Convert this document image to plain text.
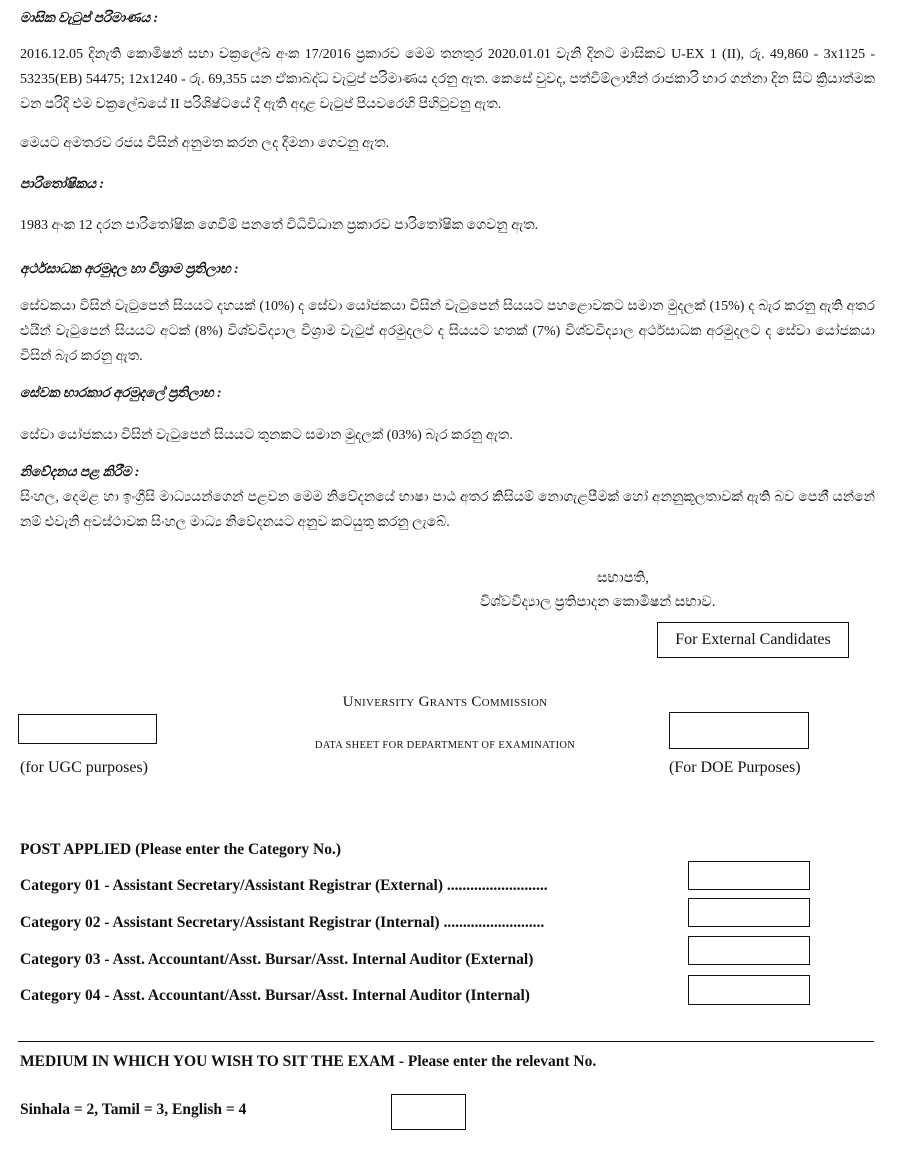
මාසික වැටුප් පරිමාණය :
2016.12.05 දිනැති කොමිෂන් සභා චක්‍රලේඛ අංක 17/2016 ප්‍රකාරව මෙම තනතුර 2020.01.01 වැනි දිනට මාසිකව U-EX 1 (II), රු. 49,860 - 3x1125 - 53235(EB) 54475; 12x1240 - රු. 69,355 යන ඒකාබද්ධ වැටුප් පරිමාණය දරනු ඇත. කෙසේ වුවද, පත්වීම්ලාභීන් රාජකාරි භාර ගන්නා දින සිට ක්‍රියාත්මක වන පරිදි එම චක්‍රලේඛයේ II පරිශිෂ්ටයේ දී ඇති අදාළ වැටුප් පියවරෙහි පිහිටුවනු ඇත.
මෙයට අමතරව රජය විසින් අනුමත කරන ලද දීමනා ගෙවනු ඇත.
පාරිතෝෂිකය :
1983 අංක 12 දරන පාරිතෝෂික ගෙවීම් පනතේ විධිවිධාන ප්‍රකාරව පාරිතෝෂික ගෙවනු ඇත.
අර්ථසාධක අරමුදල හා විශ්‍රාම ප්‍රතිලාභ :
සේවකයා විසින් වැටුපෙන් සියයට දහයක් (10%) ද සේවා යෝජකයා විසින් වැටුපෙන් සියයට පහළොවකට සමාන මුදලක් (15%) ද බැර කරනු ඇති අතර එයින් වැටුපෙන් සියයට අටක් (8%) විශ්වවිද්‍යාල විශ්‍රාම වැටුප් අරමුදලට ද සියයට හතක් (7%) විශ්වවිද්‍යාල අර්ථසාධක අරමුදලට ද සේවා යෝජකයා විසින් බැර කරනු ඇත.
සේවක භාරකාර අරමුදලේ ප්‍රතිලාභ :
සේවා යෝජකයා විසින් වැටුපෙන් සියයට තුනකට සමාන මුදලක් (03%) බැර කරනු ඇත.
නිවේදනය පළ කිරීම :
සිංහල, දෙමළ හා ඉංග්‍රීසි මාධ්‍යයන්ගෙන් පළවන මෙම නිවේදනයේ භාෂා පාඨ අතර කිසියම් නොගැළපීමක් හෝ අනනුකූලතාවක් ඇති බව පෙනී යන්නේ නම් එවැනි අවස්ථාවක සිංහල මාධ්‍ය නිවේදනයට අනුව කටයුතු කරනු ලැබේ.
සභාපති,
විශ්වවිද්‍යාල ප්‍රතිපාදන කොමිෂන් සභාව.
For External Candidates
University Grants Commission
DATA SHEET FOR DEPARTMENT OF EXAMINATION
(for UGC purposes)	(For DOE Purposes)
POST APPLIED (Please enter the Category No.)
Category 01 - Assistant Secretary/Assistant Registrar (External) ..........................
Category 02 - Assistant Secretary/Assistant Registrar (Internal) ..........................
Category 03 - Asst. Accountant/Asst. Bursar/Asst. Internal Auditor (External)
Category 04 - Asst. Accountant/Asst. Bursar/Asst. Internal Auditor (Internal)
MEDIUM IN WHICH YOU WISH TO SIT THE EXAM - Please enter the relevant No.
Sinhala = 2, Tamil = 3, English = 4
